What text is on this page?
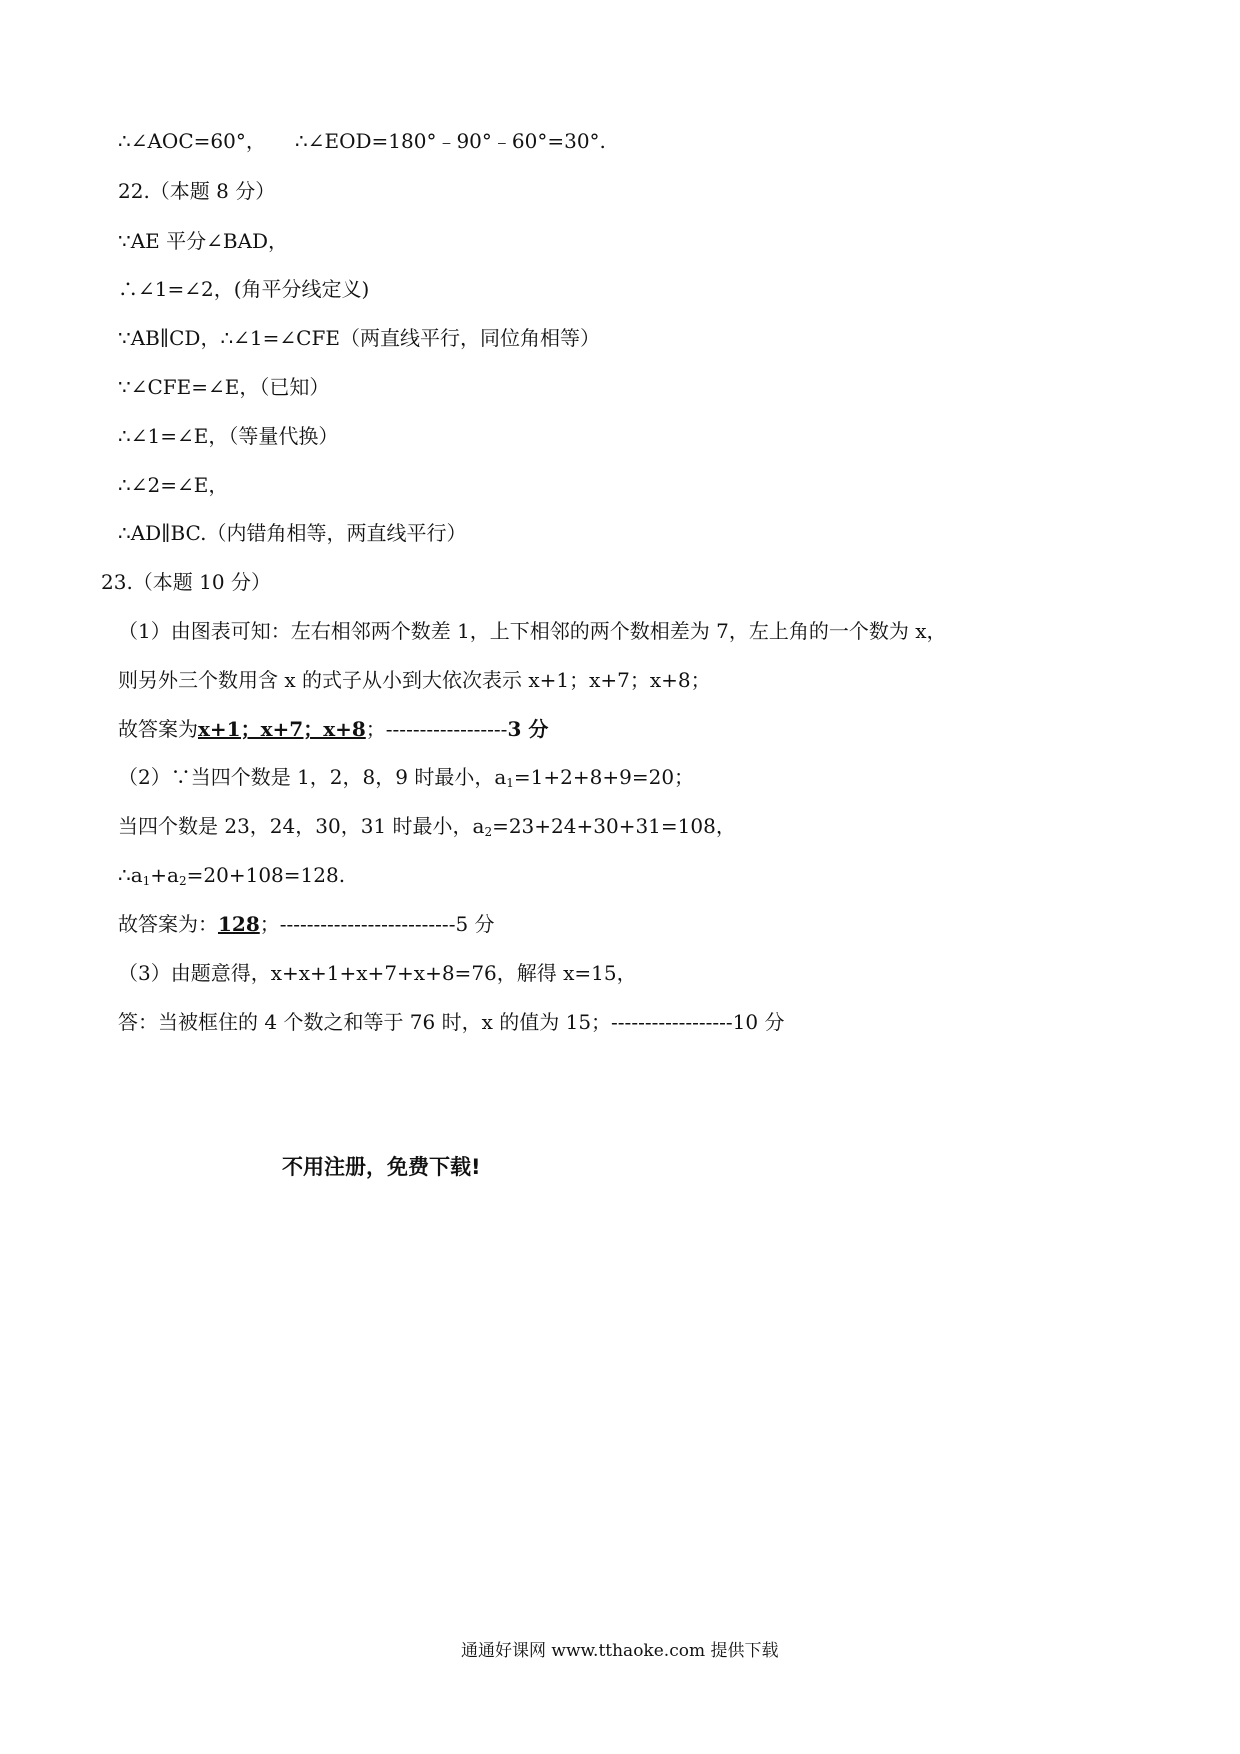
∴∠AOC=60°， ∴∠EOD=180°﹣90°﹣60°=30°.
22.（本题 8 分）
∵AE 平分∠BAD，
∴∠1=∠2，(角平分线定义)
∵AB∥CD，∴∠1=∠CFE（两直线平行，同位角相等）
∵∠CFE=∠E，（已知）
∴∠1=∠E，（等量代换）
∴∠2=∠E，
∴AD∥BC.（内错角相等，两直线平行）
23.（本题 10 分）
（1）由图表可知：左右相邻两个数差 1，上下相邻的两个数相差为 7，左上角的一个数为 x，
则另外三个数用含 x 的式子从小到大依次表示 x+1；x+7；x+8；
故答案为x+1；x+7；x+8；------------------3 分
（2）∵当四个数是 1，2，8，9 时最小，$a_1=1+2+8+9=20$；
当四个数是 23，24，30，31 时最小，$a_2=23+24+30+31=108$，
$\therefore a_1+a_2=20+108=128$.
故答案为：128；--------------------------5 分
（3）由题意得，x+x+1+x+7+x+8=76，解得 x=15，
答：当被框住的 4 个数之和等于 76 时，x 的值为 15；------------------10 分
不用注册，免费下载!
通通好课网 www.tthaoke.com 提供下载
